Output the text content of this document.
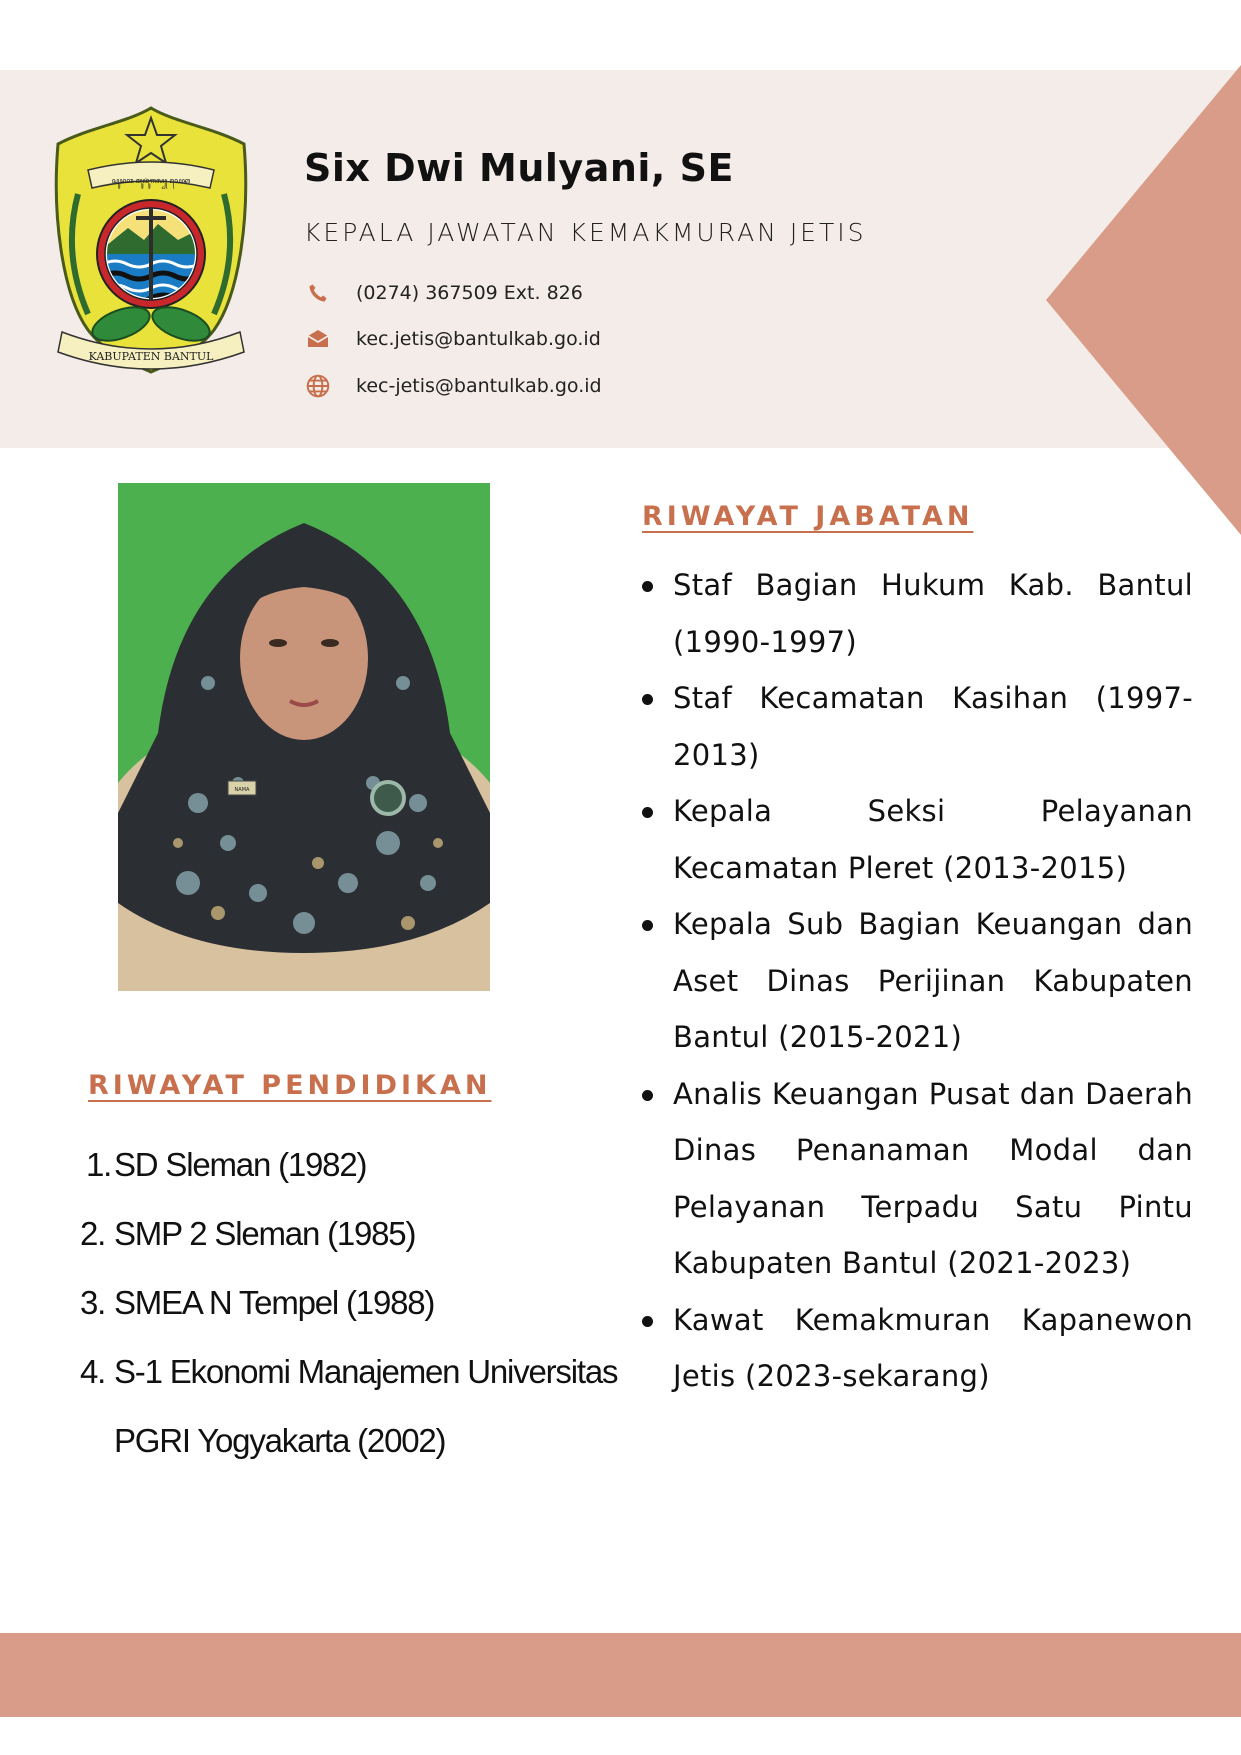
ꦱꦸꦤꦕ ꦩꦸꦤꦸꦁꦒꦭ꧀ ꦱꦺꦏ
KABUPATEN BANTUL
Six Dwi Mulyani, SE
KEPALA JAWATAN KEMAKMURAN JETIS
(0274) 367509 Ext. 826
kec.jetis@bantulkab.go.id
kec-jetis@bantulkab.go.id
NAMA
RIWAYAT PENDIDIKAN
1. SD Sleman (1982)
2. SMP 2 Sleman (1985)
3. SMEA N Tempel (1988)
4. S-1 Ekonomi Manajemen Universitas PGRI Yogyakarta (2002)
RIWAYAT JABATAN
Staf Bagian Hukum Kab. Bantul (1990-1997)
Staf Kecamatan Kasihan (1997-2013)
Kepala Seksi Pelayanan Kecamatan Pleret (2013-2015)
Kepala Sub Bagian Keuangan dan Aset Dinas Perijinan Kabupaten Bantul (2015-2021)
Analis Keuangan Pusat dan Daerah Dinas Penanaman Modal dan Pelayanan Terpadu Satu Pintu Kabupaten Bantul (2021-2023)
Kawat Kemakmuran Kapanewon Jetis (2023-sekarang)
